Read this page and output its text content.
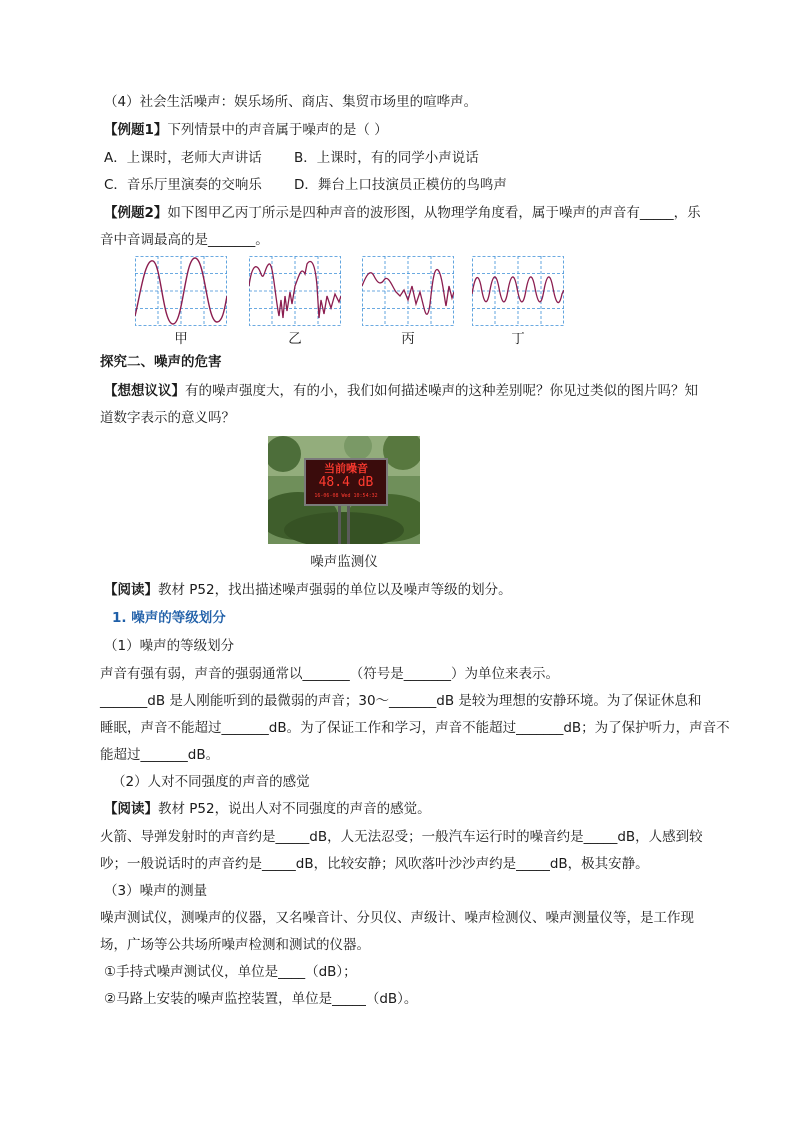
（4）社会生活噪声：娱乐场所、商店、集贸市场里的喧哗声。
【例题1】下列情景中的声音属于噪声的是（ ）
A．上课时，老师大声讲话 B．上课时，有的同学小声说话
C．音乐厅里演奏的交响乐 D．舞台上口技演员正模仿的鸟鸣声
【例题2】如下图甲乙丙丁所示是四种声音的波形图，从物理学角度看，属于噪声的声音有_____，乐
音中音调最高的是_______。
甲	乙	丙	丁
探究二、噪声的危害
【想想议议】有的噪声强度大，有的小，我们如何描述噪声的这种差别呢？你见过类似的图片吗？知
道数字表示的意义吗？
当前噪音
48.4 dB
16-06-08 Wed 10:54:32
噪声监测仪
【阅读】教材 P52，找出描述噪声强弱的单位以及噪声等级的划分。
1. 噪声的等级划分
（1）噪声的等级划分
声音有强有弱，声音的强弱通常以_______（符号是_______）为单位来表示。
_______dB 是人刚能听到的最微弱的声音；30～_______dB 是较为理想的安静环境。为了保证休息和
睡眠，声音不能超过_______dB。为了保证工作和学习，声音不能超过_______dB；为了保护听力，声音不
能超过_______dB。
（2）人对不同强度的声音的感觉
【阅读】教材 P52，说出人对不同强度的声音的感觉。
火箭、导弹发射时的声音约是_____dB，人无法忍受；一般汽车运行时的噪音约是_____dB，人感到较
吵；一般说话时的声音约是_____dB，比较安静；风吹落叶沙沙声约是_____dB，极其安静。
（3）噪声的测量
噪声测试仪，测噪声的仪器，又名噪音计、分贝仪、声级计、噪声检测仪、噪声测量仪等，是工作现
场，广场等公共场所噪声检测和测试的仪器。
①手持式噪声测试仪，单位是____（dB）；
②马路上安装的噪声监控装置，单位是_____（dB）。
